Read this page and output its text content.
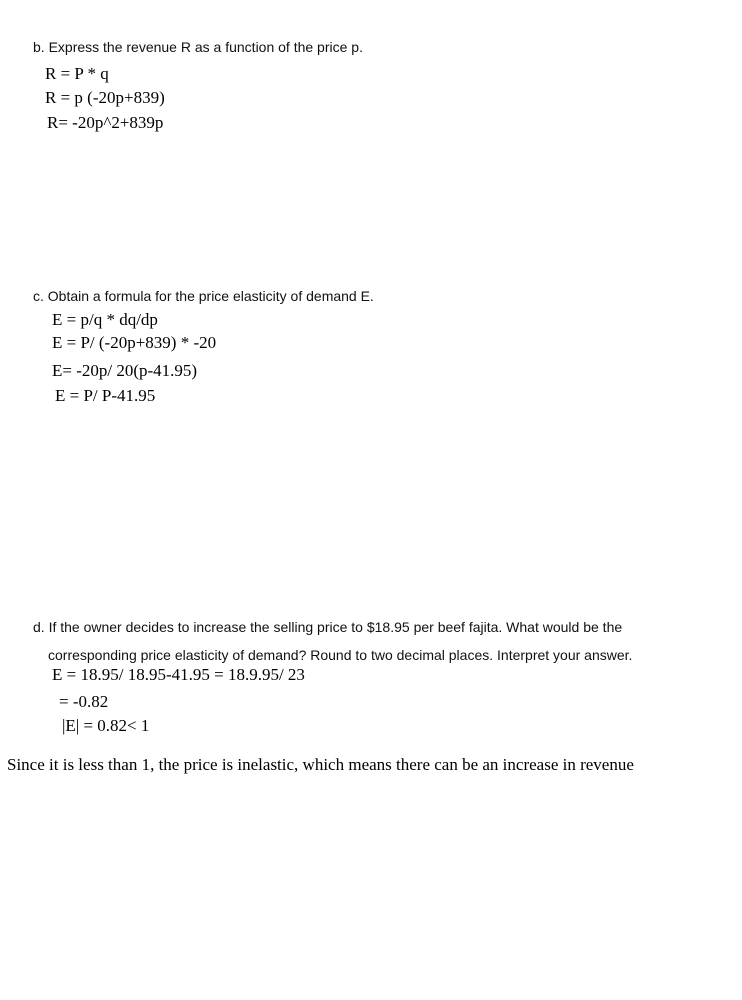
b. Express the revenue R as a function of the price p.
R = P * q
R = p (-20p+839)
R= -20p^2+839p
c. Obtain a formula for the price elasticity of demand E.
E = p/q * dq/dp
E = P/ (-20p+839) * -20
E= -20p/ 20(p-41.95)
E = P/ P-41.95
d. If the owner decides to increase the selling price to $18.95 per beef fajita. What would be the
corresponding price elasticity of demand? Round to two decimal places. Interpret your answer.
E = 18.95/ 18.95-41.95 = 18.9.95/ 23
= -0.82
|E| = 0.82< 1
Since it is less than 1, the price is inelastic, which means there can be an increase in revenue
